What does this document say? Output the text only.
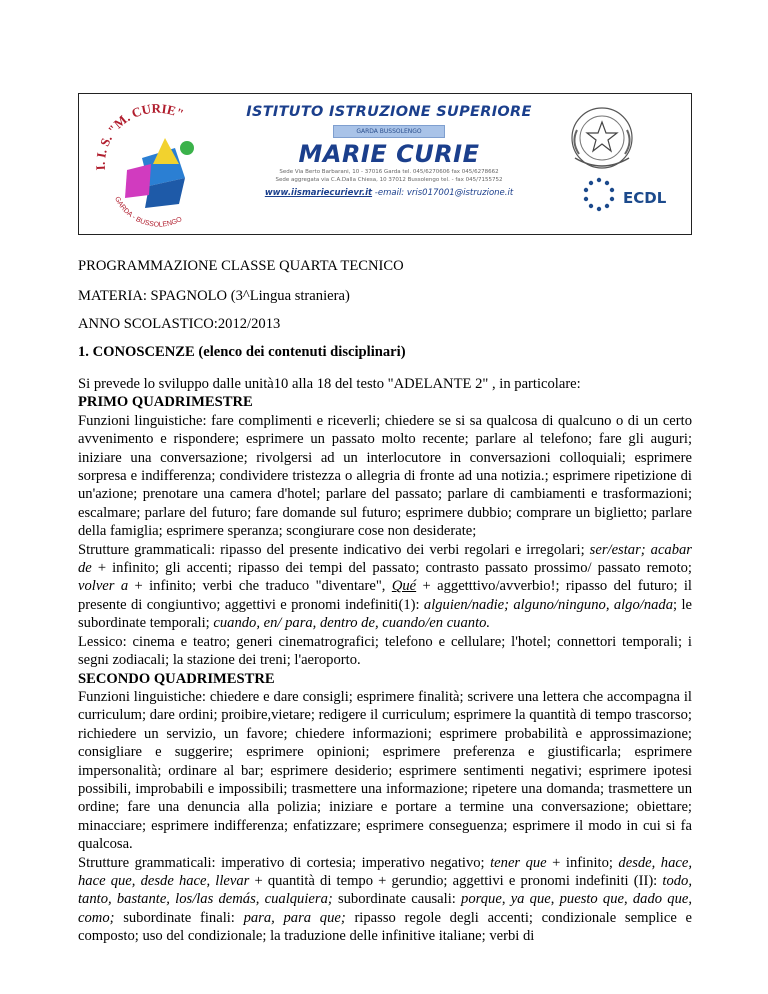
I. I. S. "M. CURIE"
GARDA - BUSSOLENGO
ISTITUTO ISTRUZIONE SUPERIORE
GARDA BUSSOLENGO
MARIE CURIE
Sede Via Berto Barbarani, 10 - 37016 Garda tel. 045/6270606 fax 045/6278662
Sede aggregata via C.A.Dalla Chiesa, 10 37012 Bussolengo tel. - fax 045/7155752
www.iismariecurievr.it -email: vris017001@istruzione.it	ECDL
PROGRAMMAZIONE CLASSE QUARTA TECNICO
MATERIA: SPAGNOLO (3^Lingua straniera)
ANNO SCOLASTICO:2012/2013
1. CONOSCENZE (elenco dei contenuti disciplinari)

Si prevede lo sviluppo dalle unità10 alla 18 del testo "ADELANTE 2" , in particolare:

PRIMO QUADRIMESTRE

Funzioni linguistiche: fare complimenti e riceverli; chiedere se si sa qualcosa di qualcuno o di un certo avvenimento e rispondere; esprimere un passato molto recente; parlare al telefono; fare gli auguri; iniziare una conversazione; rivolgersi ad un interlocutore in conversazioni colloquiali; esprimere sorpresa e indifferenza; condividere tristezza o allegria di fronte ad una notizia.; esprimere ripetizione di un'azione; prenotare una camera d'hotel; parlare del passato; parlare di cambiamenti e trasformazioni; escalmare; parlare del futuro; fare domande sul futuro; esprimere dubbio; comprare un biglietto; parlare della famiglia; esprimere speranza; scongiurare cose non desiderate;

Strutture grammaticali: ripasso del presente indicativo dei verbi regolari e irregolari; ser/estar; acabar de + infinito; gli accenti; ripasso dei tempi del passato; contrasto passato prossimo/ passato remoto; volver a + infinito; verbi che traduco "diventare", Qué + aggetttivo/avverbio!; ripasso del futuro; il presente di congiuntivo; aggettivi e pronomi indefiniti(1): alguien/nadie; alguno/ninguno, algo/nada; le subordinate temporali; cuando, en/ para, dentro de, cuando/en cuanto.

Lessico: cinema e teatro; generi cinematrografici; telefono e cellulare; l'hotel; connettori temporali; i segni zodiacali; la stazione dei treni; l'aeroporto.

SECONDO QUADRIMESTRE

Funzioni linguistiche: chiedere e dare consigli; esprimere finalità; scrivere una lettera che accompagna il curriculum; dare ordini; proibire,vietare; redigere il curriculum; esprimere la quantità di tempo trascorso; richiedere un servizio, un favore; chiedere informazioni; esprimere probabilità e approssimazione; consigliare e suggerire; esprimere opinioni; esprimere preferenza e giustificarla; esprimere impersonalità; ordinare al bar; esprimere desiderio; esprimere sentimenti negativi; esprimere ipotesi possibili, improbabili e impossibili; trasmettere una informazione; ripetere una domanda; trasmettere un ordine; fare una denuncia alla polizia; iniziare e portare a termine una conversazione; obiettare; minacciare; esprimere indifferenza; enfatizzare; esprimere conseguenza; esprimere il modo in cui si fa qualcosa.

Strutture grammaticali: imperativo di cortesia; imperativo negativo; tener que + infinito; desde, hace, hace que, desde hace, llevar + quantità di tempo + gerundio; aggettivi e pronomi indefiniti (II): todo, tanto, bastante, los/las demás, cualquiera; subordinate causali: porque, ya que, puesto que, dado que, como; subordinate finali: para, para que; ripasso regole degli accenti; condizionale semplice e composto; uso del condizionale; la traduzione delle infinitive italiane; verbi di
